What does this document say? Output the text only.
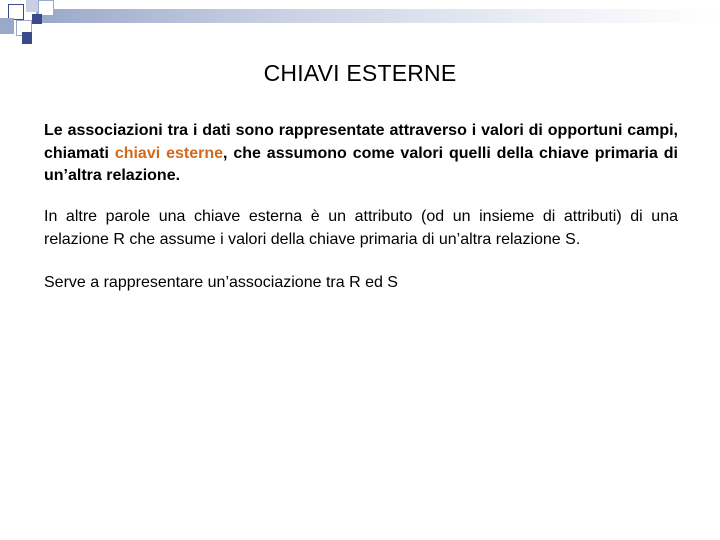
CHIAVI ESTERNE

Le associazioni tra i dati sono rappresentate attraverso i valori di opportuni campi, chiamati chiavi esterne, che assumono come valori quelli della chiave primaria di un’altra relazione.

In altre parole una chiave esterna è un attributo (od un insieme di attributi) di una relazione R che assume i valori della chiave primaria di un’altra relazione S.

Serve a rappresentare un’associazione tra R ed S
